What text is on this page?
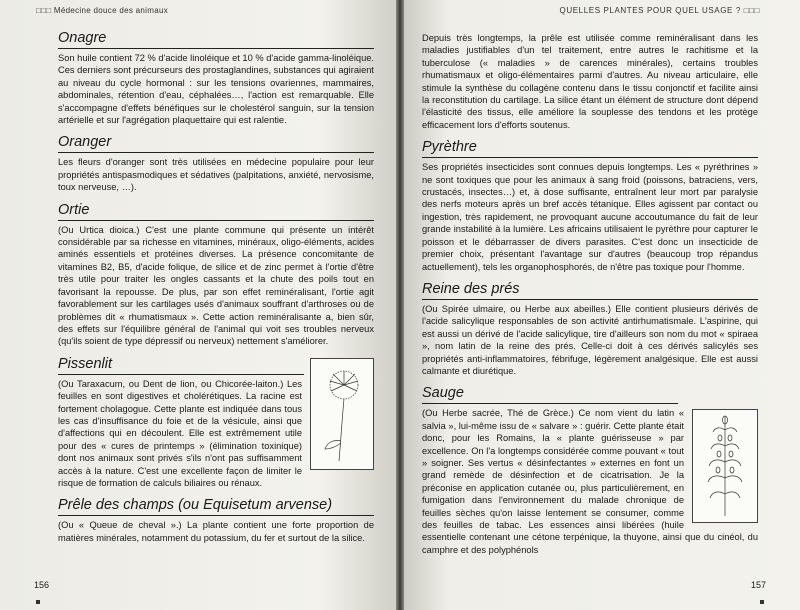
□□□ Médecine douce des animaux
Onagre

Son huile contient 72 % d'acide linoléique et 10 % d'acide gamma-linoléique. Ces derniers sont précurseurs des prostaglandines, substances qui agiraient au niveau du cycle hormonal : sur les tensions ovariennes, mammaires, abdominales, rétention d'eau, céphalées…, l'action est remarquable. Elle s'accompagne d'effets bénéfiques sur le cholestérol sanguin, sur la tension artérielle et sur l'agrégation plaquettaire qui est ralentie.

Oranger

Les fleurs d'oranger sont très utilisées en médecine populaire pour leur propriétés antispasmodiques et sédatives (palpitations, anxiété, nervosisme, toux nerveuse, …).

Ortie

(Ou Urtica dioica.) C'est une plante commune qui présente un intérêt considérable par sa richesse en vitamines, minéraux, oligo-éléments, acides aminés essentiels et protéines diverses. La présence concomitante de vitamines B2, B5, d'acide folique, de silice et de zinc permet à l'ortie d'être très utile pour traiter les ongles cassants et la chute des poils tout en favorisant la repousse. De plus, par son effet reminéralisant, l'ortie agit favorablement sur les cartilages usés d'animaux souffrant d'arthroses ou de problèmes dit « rhumatismaux ». Cette action reminéralisante a, bien sûr, des effets sur l'équilibre général de l'animal qui voit ses troubles nerveux (qu'ils soient de type dépressif ou nerveux) nettement s'améliorer.

Pissenlit

(Ou Taraxacum, ou Dent de lion, ou Chicorée-laiton.) Les feuilles en sont digestives et cholérétiques. La racine est fortement cholagogue. Cette plante est indiquée dans tous les cas d'insuffisance du foie et de la vésicule, ainsi que d'affections qui en découlent. Elle est extrêmement utile pour des « cures de printemps » (élimination toxinique) dont nos animaux sont privés s'ils n'ont pas suffisamment accès à la nature. C'est une excellente façon de limiter le risque de formation de calculs biliaires ou rénaux.

Prêle des champs (ou Equisetum arvense)

(Ou « Queue de cheval ».) La plante contient une forte proportion de matières minérales, notamment du potassium, du fer et surtout de la silice.

156
QUELLES PLANTES POUR QUEL USAGE ? □□□

Depuis très longtemps, la prêle est utilisée comme reminéralisant dans les maladies justifiables d'un tel traitement, entre autres le rachitisme et la tuberculose (« maladies » de carences minérales), certains troubles rhumatismaux et oligo-élémentaires parmi d'autres. Au niveau articulaire, elle stimule la synthèse du collagène contenu dans le tissu conjonctif et facilite ainsi la reconstitution du cartilage. La silice étant un élément de structure dont dépend l'élasticité des tissus, elle améliore la souplesse des tendons et les protège efficacement lors d'efforts soutenus.

Pyrèthre

Ses propriétés insecticides sont connues depuis longtemps. Les « pyréthrines » ne sont toxiques que pour les animaux à sang froid (poissons, batraciens, vers, crustacés, insectes…) et, à dose suffisante, entraînent leur mort par paralysie des nerfs moteurs après un bref accès tétanique. Elles agissent par contact ou ingestion, très rapidement, ne provoquant aucune accoutumance du fait de leur grande instabilité à la lumière. Les africains utilisaient le pyrèthre pour capturer le poisson et le débarrasser de divers parasites. C'est donc un insecticide de premier choix, présentant l'avantage sur d'autres (beaucoup trop répandus actuellement), tels les organophosphorés, de n'être pas toxique pour l'homme.

Reine des prés

(Ou Spirée ulmaire, ou Herbe aux abeilles.) Elle contient plusieurs dérivés de l'acide salicylique responsables de son activité antirhumatismale. L'aspirine, qui est aussi un dérivé de l'acide salicylique, tire d'ailleurs son nom du mot « spiraea », nom latin de la reine des prés. Celle-ci doit à ces dérivés salicylés ses propriétés anti-inflammatoires, fébrifuge, légèrement analgésique. Elle est aussi calmante et diurétique.

Sauge

(Ou Herbe sacrée, Thé de Grèce.) Ce nom vient du latin « salvia », lui-même issu de « salvare » : guérir. Cette plante était donc, pour les Romains, la « plante guérisseuse » par excellence. On l'a longtemps considérée comme pouvant « tout » soigner. Ses vertus « désinfectantes » externes en font un grand remède de désinfection et de cicatrisation. Je la préconise en application cutanée ou, plus particulièrement, en fumigation dans l'environnement du malade chronique de feuilles sèches qu'on laisse lentement se consumer, comme des feuilles de tabac. Les essences ainsi libérées (huile essentielle contenant une cétone terpénique, la thuyone, ainsi que du cinéol, du camphre et des polyphénols

157
